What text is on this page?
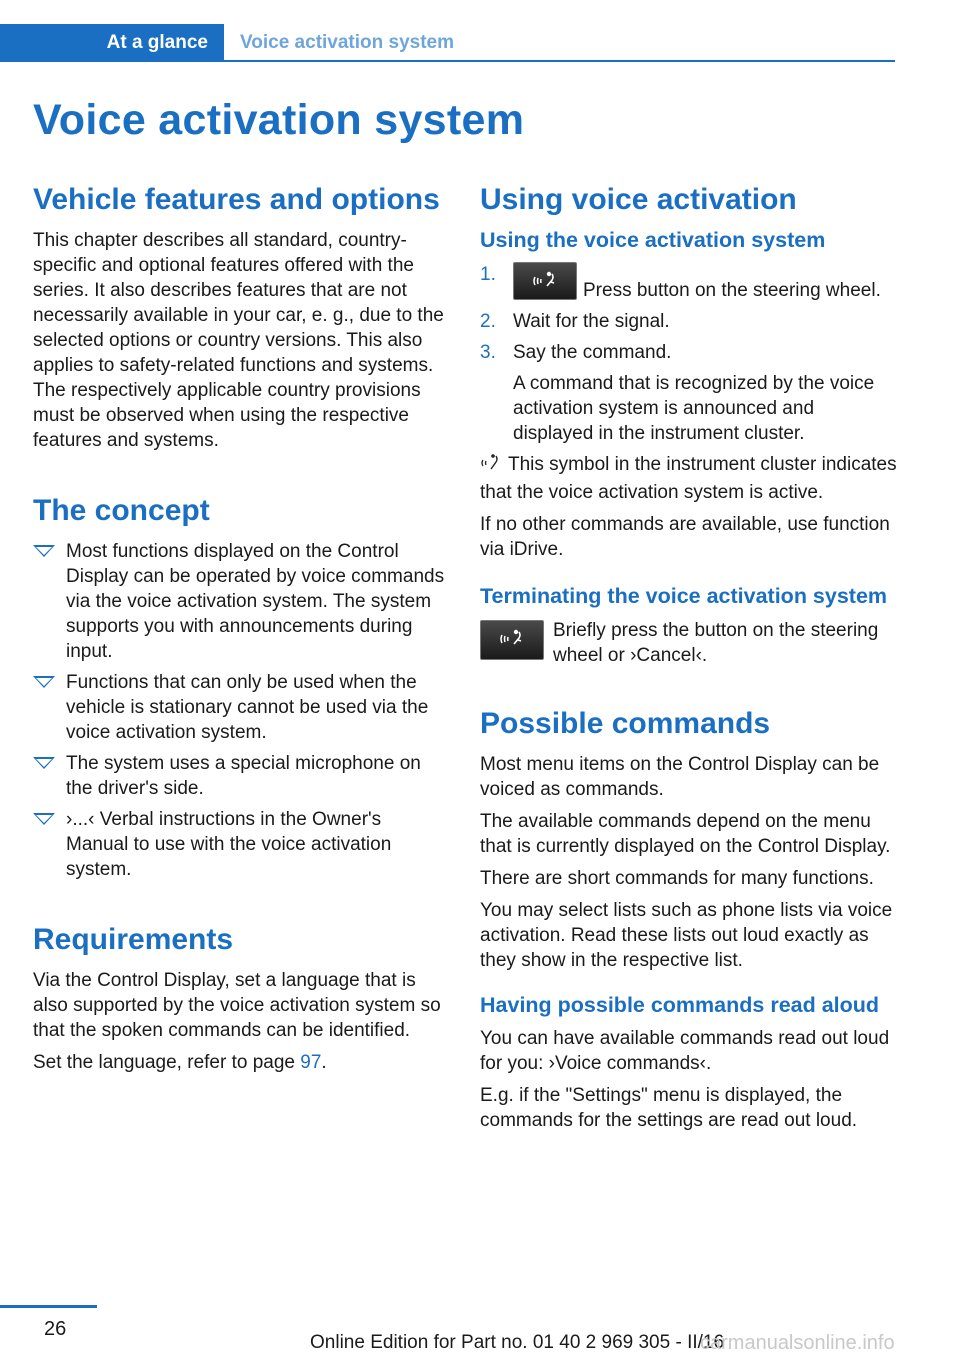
At a glance	Voice activation system
Voice activation system
Vehicle features and options

This chapter describes all standard, country-specific and optional features offered with the series. It also describes features that are not necessarily available in your car, e. g., due to the selected options or country versions. This also applies to safety-related functions and systems. The respectively applicable country provisions must be observed when using the respective features and systems.

The concept
Most functions displayed on the Control Display can be operated by voice commands via the voice activation system. The system supports you with announcements during input.
Functions that can only be used when the vehicle is stationary cannot be used via the voice activation system.
The system uses a special microphone on the driver's side.
›...‹ Verbal instructions in the Owner's Manual to use with the voice activation system.
Requirements

Via the Control Display, set a language that is also supported by the voice activation system so that the spoken commands can be identified.

Set the language, refer to page 97.

Using voice activation
Using the voice activation system
1.
Press button on the steering wheel.
2. Wait for the signal.
3. Say the command.
A command that is recognized by the voice activation system is announced and displayed in the instrument cluster.

This symbol in the instrument cluster indicates that the voice activation system is active.

If no other commands are available, use function via iDrive.

Terminating the voice activation system

Briefly press the button on the steering wheel or ›Cancel‹.

Possible commands

Most menu items on the Control Display can be voiced as commands.

The available commands depend on the menu that is currently displayed on the Control Display.

There are short commands for many functions.

You may select lists such as phone lists via voice activation. Read these lists out loud exactly as they show in the respective list.

Having possible commands read aloud

You can have available commands read out loud for you: ›Voice commands‹.

E.g. if the "Settings" menu is displayed, the commands for the settings are read out loud.

26
Online Edition for Part no. 01 40 2 969 305 - II/16
carmanualsonline.info
